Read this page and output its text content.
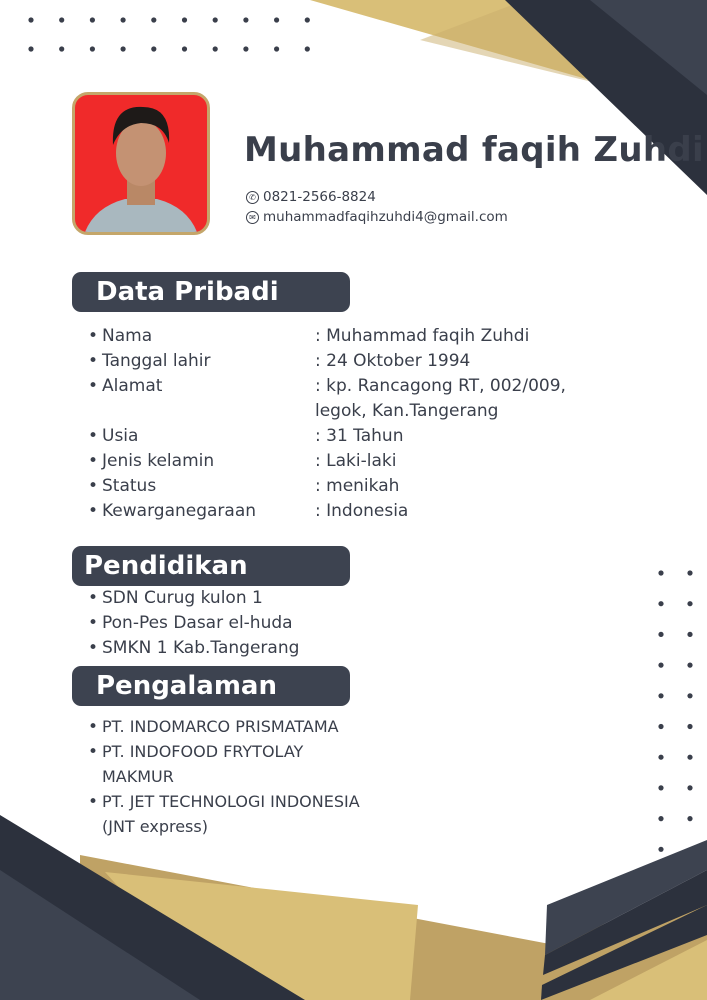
Muhammad faqih Zuhdi
✆ 0821-2566-8824
✉ muhammadfaqihzuhdi4@gmail.com
Data Pribadi
• Nama	: Muhammad faqih Zuhdi
• Tanggal lahir	: 24 Oktober 1994
• Alamat	: kp. Rancagong RT, 002/009,
legok, Kan.Tangerang
• Usia	: 31 Tahun
• Jenis kelamin	: Laki-laki
• Status	: menikah
• Kewarganegaraan	: Indonesia
Pendidikan
• SDN Curug kulon 1
• Pon-Pes Dasar el-huda
• SMKN 1 Kab.Tangerang
Pengalaman
• PT. INDOMARCO PRISMATAMA
• PT. INDOFOOD FRYTOLAY
MAKMUR
• PT. JET TECHNOLOGI INDONESIA
(JNT express)
